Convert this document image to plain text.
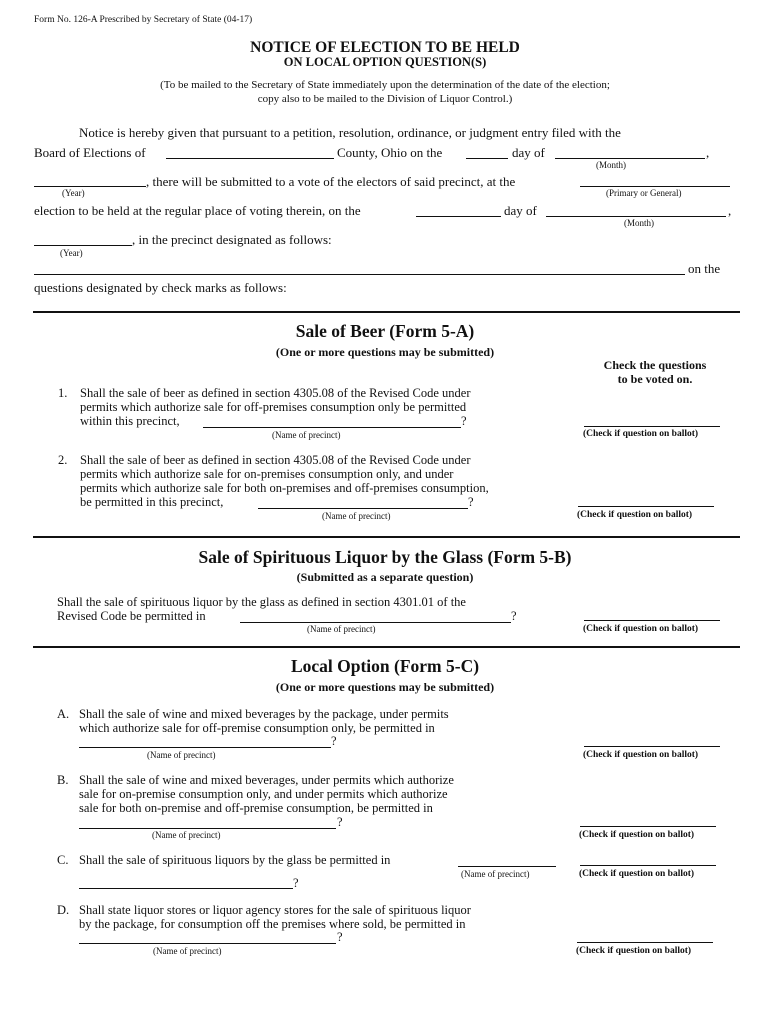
Form No. 126-A Prescribed by Secretary of State (04-17)
NOTICE OF ELECTION TO BE HELD
ON LOCAL OPTION QUESTION(S)
(To be mailed to the Secretary of State immediately upon the determination of the date of the election;
copy also to be mailed to the Division of Liquor Control.)
Notice is hereby given that pursuant to a petition, resolution, ordinance, or judgment entry filed with the
Board of Elections of	County, Ohio on the	day of	,
(Month)
, there will be submitted to a vote of the electors of said precinct, at the
(Year)	(Primary or General)
election to be held at the regular place of voting therein, on the	day of	,
(Month)
, in the precinct designated as follows:
(Year)
on the
questions designated by check marks as follows:
Sale of Beer (Form 5-A)
(One or more questions may be submitted)
Check the questions
to be voted on.
1. Shall the sale of beer as defined in section 4305.08 of the Revised Code under
permits which authorize sale for off-premises consumption only be permitted
within this precinct,	?
(Name of precinct)	(Check if question on ballot)
2. Shall the sale of beer as defined in section 4305.08 of the Revised Code under
permits which authorize sale for on-premises consumption only, and under
permits which authorize sale for both on-premises and off-premises consumption,
be permitted in this precinct,	?
(Name of precinct)	(Check if question on ballot)
Sale of Spirituous Liquor by the Glass (Form 5-B)
(Submitted as a separate question)
Shall the sale of spirituous liquor by the glass as defined in section 4301.01 of the
Revised Code be permitted in	?
(Name of precinct)	(Check if question on ballot)
Local Option (Form 5-C)
(One or more questions may be submitted)
A. Shall the sale of wine and mixed beverages by the package, under permits
which authorize sale for off-premise consumption only, be permitted in
?
(Name of precinct)	(Check if question on ballot)
B. Shall the sale of wine and mixed beverages, under permits which authorize
sale for on-premise consumption only, and under permits which authorize
sale for both on-premise and off-premise consumption, be permitted in
?
(Name of precinct)	(Check if question on ballot)
C. Shall the sale of spirituous liquors by the glass be permitted in
(Name of precinct)
?
(Check if question on ballot)
D. Shall state liquor stores or liquor agency stores for the sale of spirituous liquor
by the package, for consumption off the premises where sold, be permitted in
?
(Name of precinct)	(Check if question on ballot)
